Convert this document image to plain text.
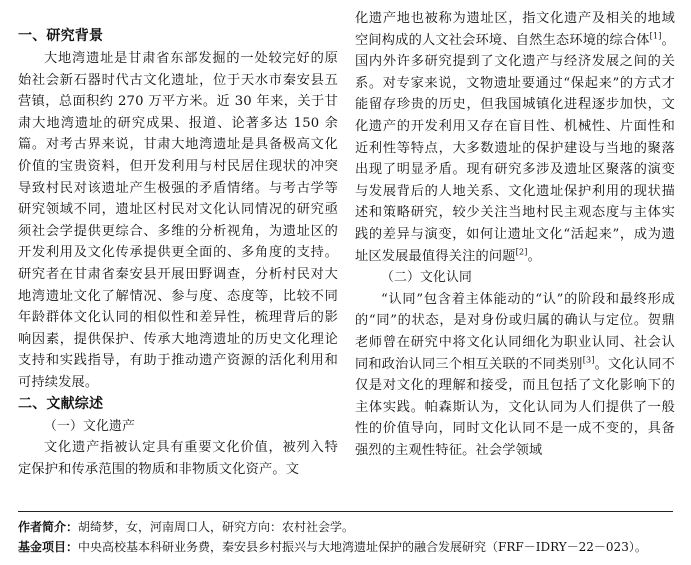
一、研究背景

大地湾遗址是甘肃省东部发掘的一处较完好的原始社会新石器时代古文化遗址，位于天水市秦安县五营镇，总面积约 270 万平方米。近 30 年来，关于甘肃大地湾遗址的研究成果、报道、论著多达 150 余篇。对考古界来说，甘肃大地湾遗址是具备极高文化价值的宝贵资料，但开发利用与村民居住现状的冲突导致村民对该遗址产生极强的矛盾情绪。与考古学等研究领域不同，遗址区村民对文化认同情况的研究亟须社会学提供更综合、多维的分析视角，为遗址区的开发利用及文化传承提供更全面的、多角度的支持。研究者在甘肃省秦安县开展田野调查，分析村民对大地湾遗址文化了解情况、参与度、态度等，比较不同年龄群体文化认同的相似性和差异性，梳理背后的影响因素，提供保护、传承大地湾遗址的历史文化理论支持和实践指导，有助于推动遗产资源的活化利用和可持续发展。

二、文献综述

（一）文化遗产

文化遗产指被认定具有重要文化价值，被列入特定保护和传承范围的物质和非物质文化资产。文

化遗产地也被称为遗址区，指文化遗产及相关的地域空间构成的人文社会环境、自然生态环境的综合体[1]。国内外许多研究提到了文化遗产与经济发展之间的关系。对专家来说，文物遗址要通过“保起来”的方式才能留存珍贵的历史，但我国城镇化进程逐步加快，文化遗产的开发利用又存在盲目性、机械性、片面性和近利性等特点，大多数遗址的保护建设与当地的聚落出现了明显矛盾。现有研究多涉及遗址区聚落的演变与发展背后的人地关系、文化遗址保护利用的现状描述和策略研究，较少关注当地村民主观态度与主体实践的差异与演变，如何让遗址文化“活起来”，成为遗址区发展最值得关注的问题[2]。

（二）文化认同

“认同”包含着主体能动的“认”的阶段和最终形成的“同”的状态，是对身份或归属的确认与定位。贺鼎老师曾在研究中将文化认同细化为职业认同、社会认同和政治认同三个相互关联的不同类别[3]。文化认同不仅是对文化的理解和接受，而且包括了文化影响下的主体实践。帕森斯认为，文化认同为人们提供了一般性的价值导向，同时文化认同不是一成不变的，具备强烈的主观性特征。社会学领域

作者简介：胡绮梦，女，河南周口人，研究方向：农村社会学。
基金项目：中央高校基本科研业务费，秦安县乡村振兴与大地湾遗址保护的融合发展研究（FRF－IDRY－22－023）。
